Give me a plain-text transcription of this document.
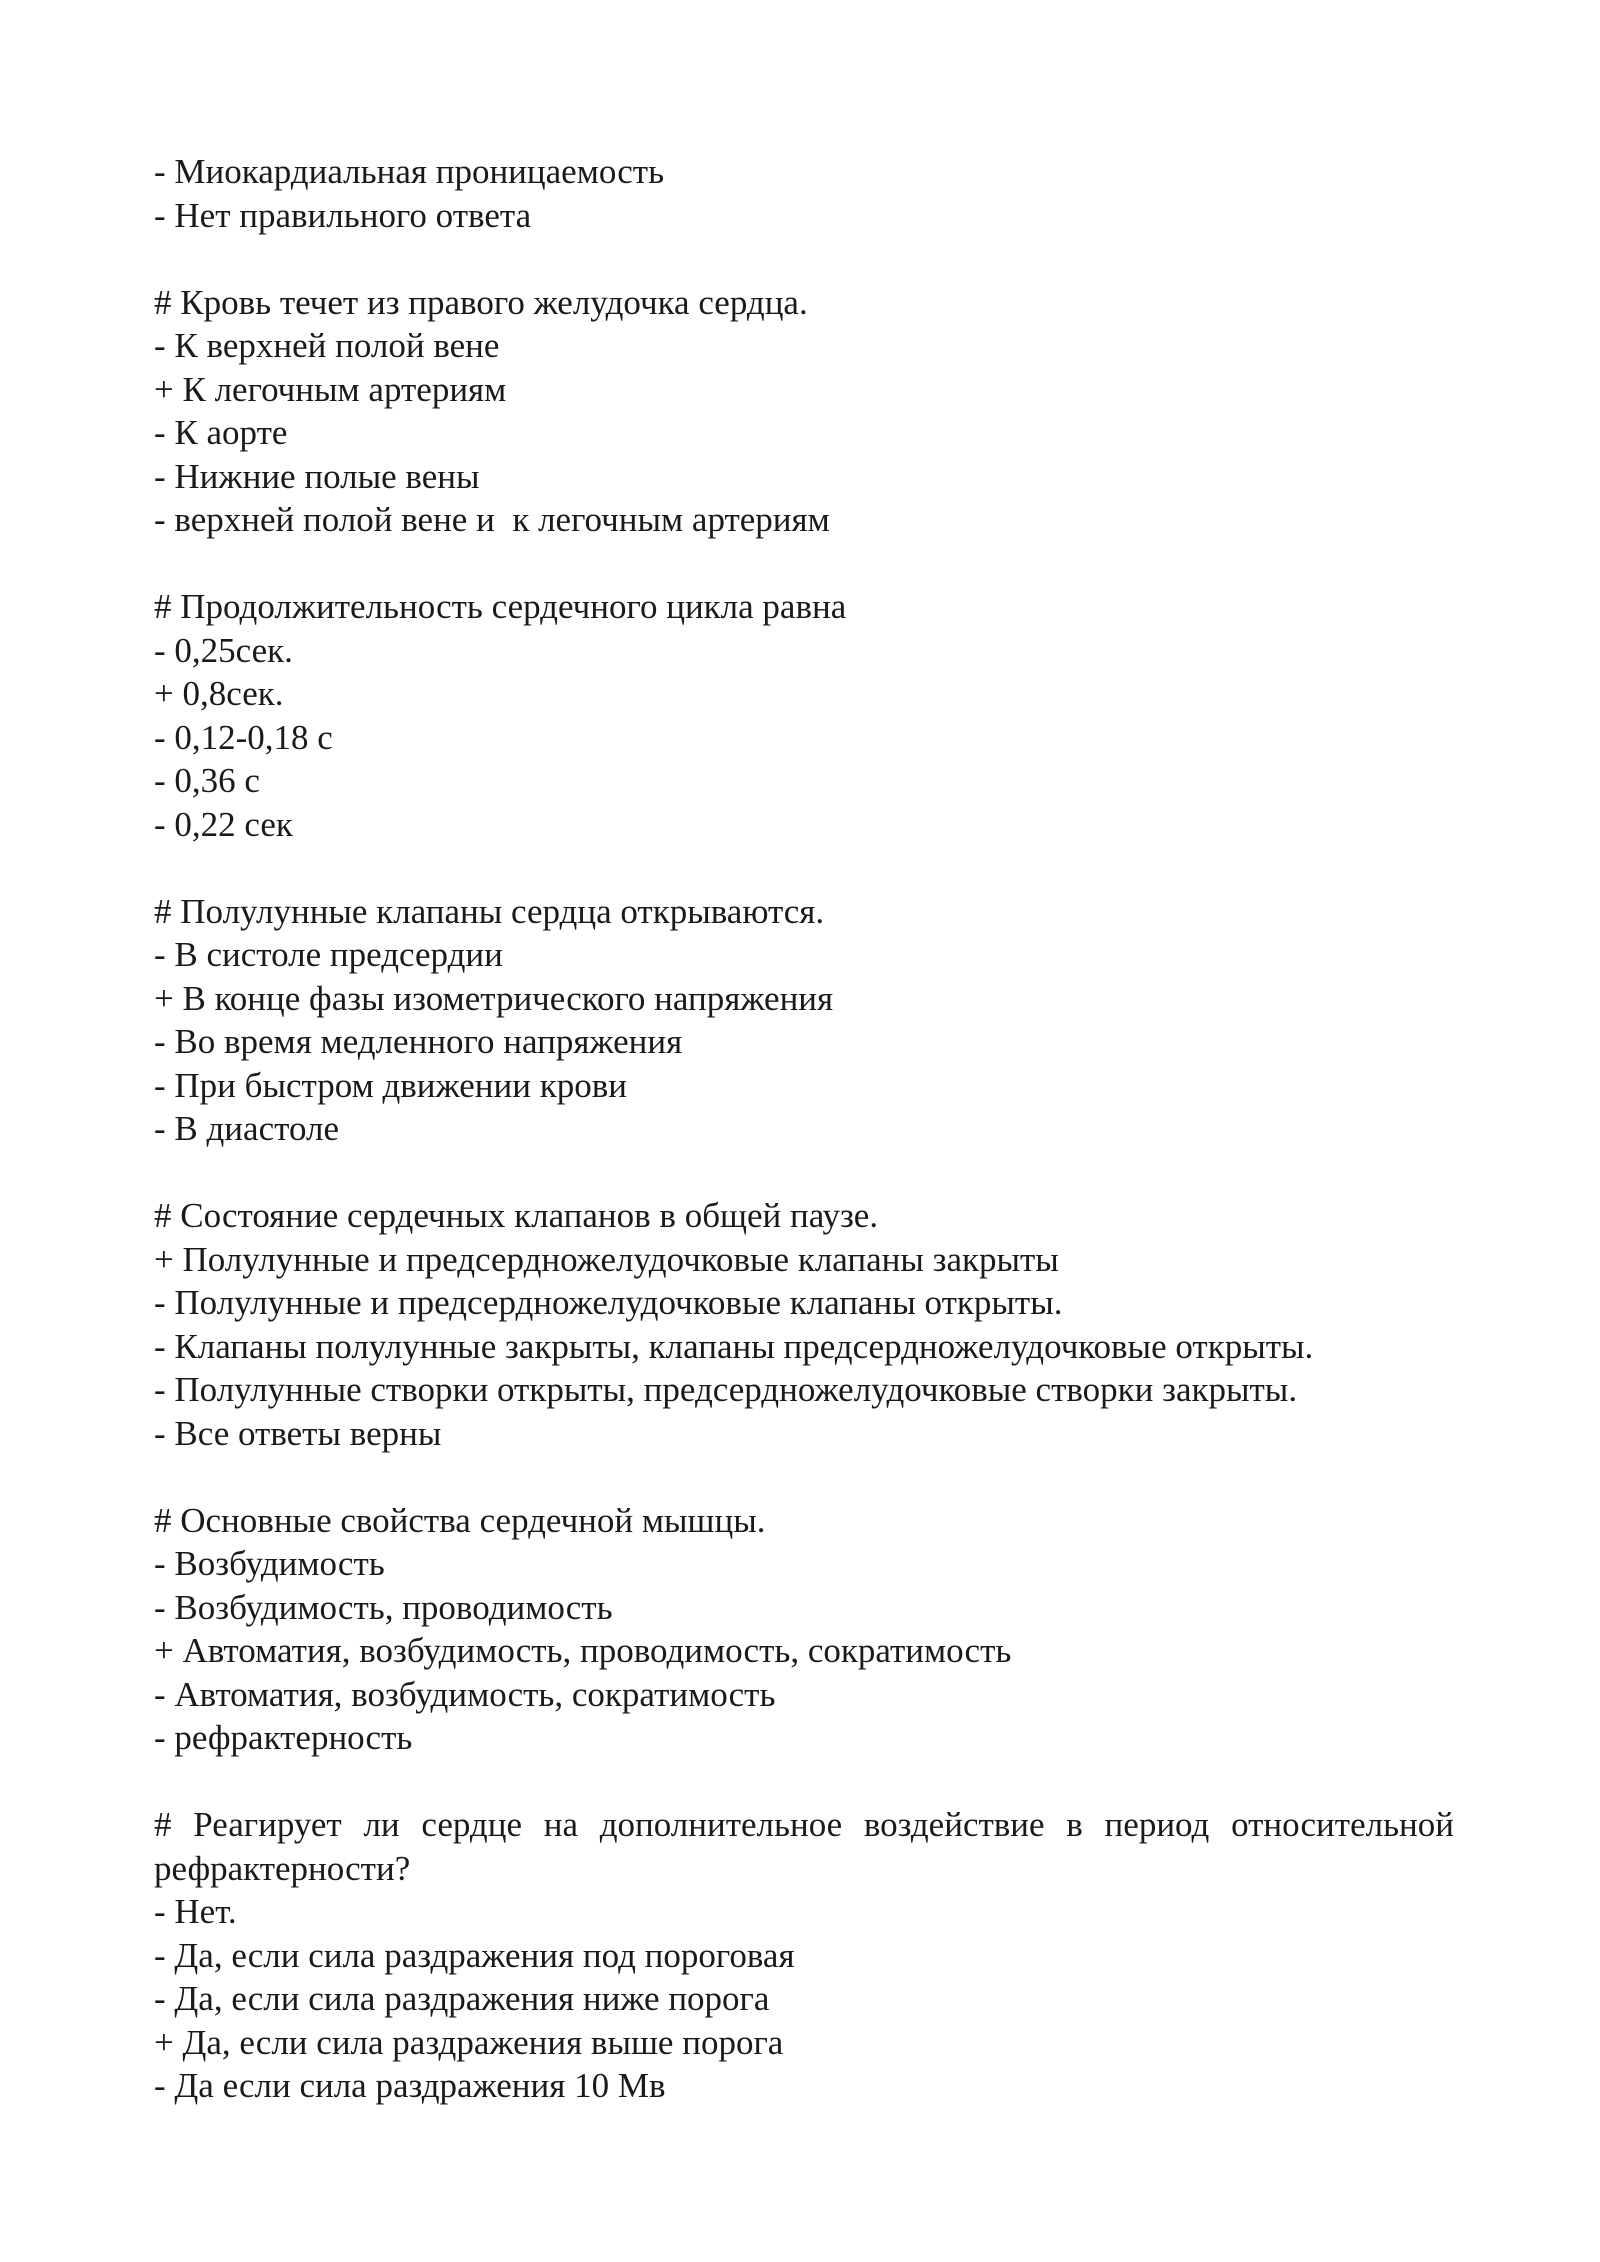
- Миокардиальная проницаемость
- Нет правильного ответа
# Кровь течет из правого желудочка сердца.
- К верхней полой вене
+ К легочным артериям
- К аорте
- Нижние полые вены
- верхней полой вене и  к легочным артериям
# Продолжительность сердечного цикла равна
- 0,25сек.
+ 0,8сек.
- 0,12-0,18 с
- 0,36 с
- 0,22 сек
# Полулунные клапаны сердца открываются.
- В систоле предсердии
+ В конце фазы изометрического напряжения
- Во время медленного напряжения
- При быстром движении крови
- В диастоле
# Состояние сердечных клапанов в общей паузе.
+ Полулунные и предсердножелудочковые клапаны закрыты
- Полулунные и предсердножелудочковые клапаны открыты.
- Клапаны полулунные закрыты, клапаны предсердножелудочковые открыты.
- Полулунные створки открыты, предсердножелудочковые створки закрыты.
- Все ответы верны
# Основные свойства сердечной мышцы.
- Возбудимость
- Возбудимость, проводимость
+ Автоматия, возбудимость, проводимость, сократимость
- Автоматия, возбудимость, сократимость
- рефрактерность
# Реагирует ли сердце на дополнительное воздействие в период относительной рефрактерности?
- Нет.
- Да, если сила раздражения под пороговая
- Да, если сила раздражения ниже порога
+ Да, если сила раздражения выше порога
- Да если сила раздражения 10 Мв
